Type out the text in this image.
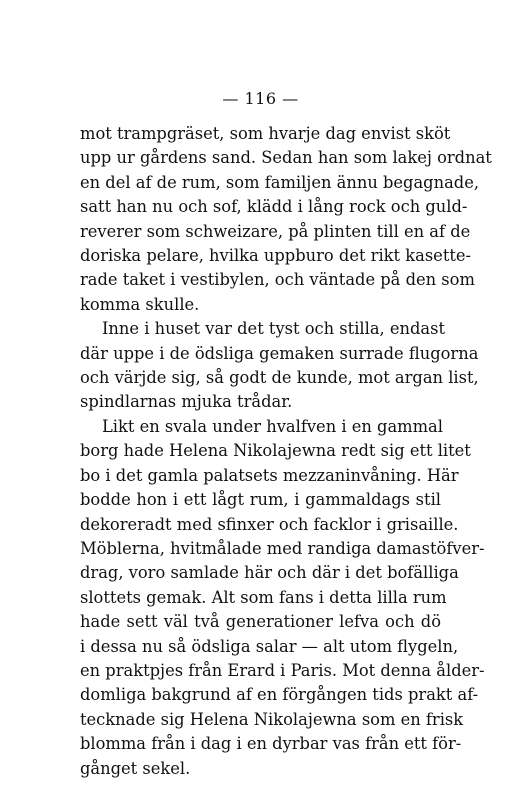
— 116 —
mot trampgräset, som hvarje dag envist sköt
upp ur gårdens sand. Sedan han som lakej ordnat
en del af de rum, som familjen ännu begagnade,
satt han nu och sof, klädd i lång rock och guld-
reverer som schweizare, på plinten till en af de
doriska pelare, hvilka uppburo det rikt kasette-
rade taket i vestibylen, och väntade på den som
komma skulle.
Inne i huset var det tyst och stilla, endast
där uppe i de ödsliga gemaken surrade flugorna
och värjde sig, så godt de kunde, mot argan list,
spindlarnas mjuka trådar.
Likt en svala under hvalfven i en gammal
borg hade Helena Nikolajewna redt sig ett litet
bo i det gamla palatsets mezzaninvåning. Här
bodde hon i ett lågt rum, i gammaldags stil
dekoreradt med sfinxer och facklor i grisaille.
Möblerna, hvitmålade med randiga damastöfver-
drag, voro samlade här och där i det bofälliga
slottets gemak. Alt som fans i detta lilla rum
hade sett väl två generationer lefva och dö
i dessa nu så ödsliga salar — alt utom flygeln,
en praktpjes från Erard i Paris. Mot denna ålder-
domliga bakgrund af en förgången tids prakt af-
tecknade sig Helena Nikolajewna som en frisk
blomma från i dag i en dyrbar vas från ett för-
gånget sekel.
